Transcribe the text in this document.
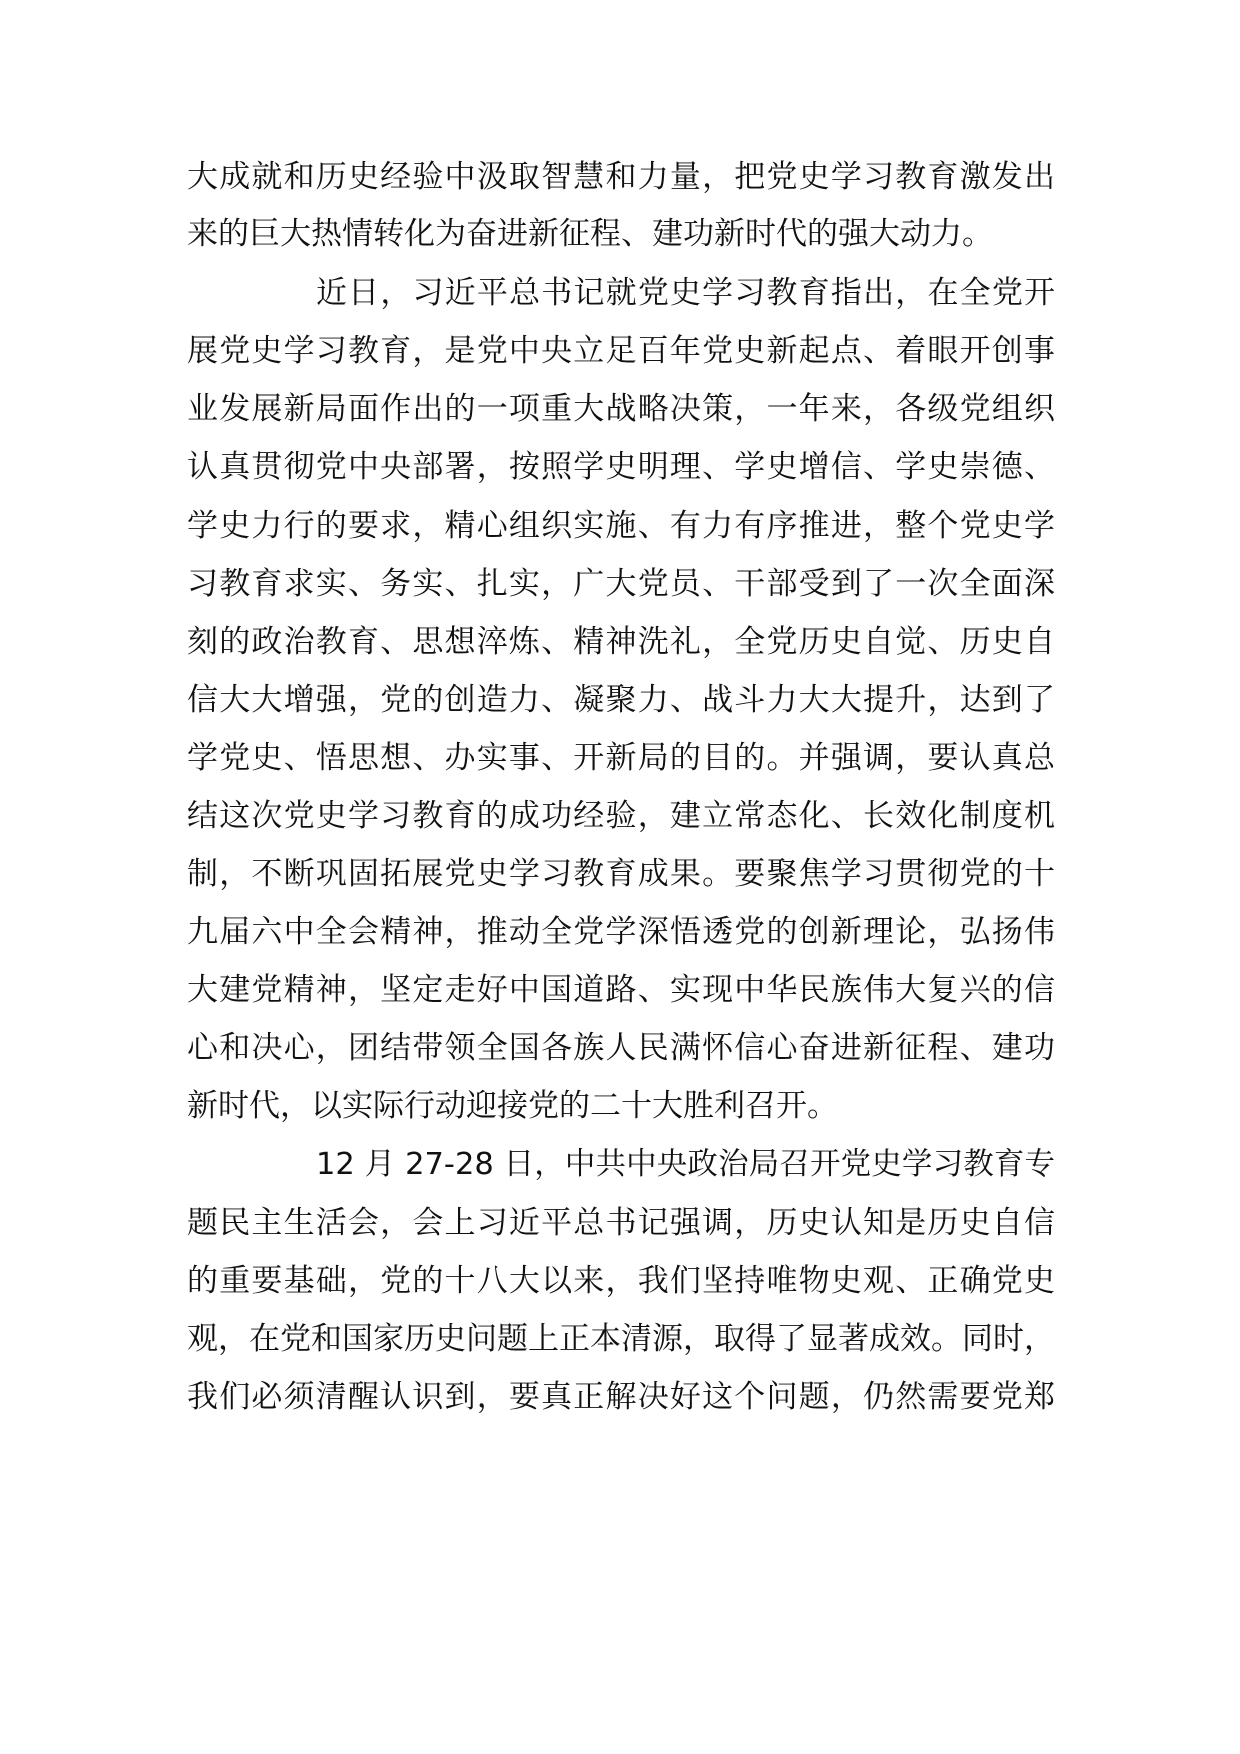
大成就和历史经验中汲取智慧和力量，把党史学习教育激发出
来的巨大热情转化为奋进新征程、建功新时代的强大动力。
近日，习近平总书记就党史学习教育指出，在全党开
展党史学习教育，是党中央立足百年党史新起点、着眼开创事
业发展新局面作出的一项重大战略决策，一年来，各级党组织
认真贯彻党中央部署，按照学史明理、学史增信、学史崇德、
学史力行的要求，精心组织实施、有力有序推进，整个党史学
习教育求实、务实、扎实，广大党员、干部受到了一次全面深
刻的政治教育、思想淬炼、精神洗礼，全党历史自觉、历史自
信大大增强，党的创造力、凝聚力、战斗力大大提升，达到了
学党史、悟思想、办实事、开新局的目的。并强调，要认真总
结这次党史学习教育的成功经验，建立常态化、长效化制度机
制，不断巩固拓展党史学习教育成果。要聚焦学习贯彻党的十
九届六中全会精神，推动全党学深悟透党的创新理论，弘扬伟
大建党精神，坚定走好中国道路、实现中华民族伟大复兴的信
心和决心，团结带领全国各族人民满怀信心奋进新征程、建功
新时代，以实际行动迎接党的二十大胜利召开。
12 月 27-28 日，中共中央政治局召开党史学习教育专
题民主生活会，会上习近平总书记强调，历史认知是历史自信
的重要基础，党的十八大以来，我们坚持唯物史观、正确党史
观，在党和国家历史问题上正本清源，取得了显著成效。同时，
我们必须清醒认识到，要真正解决好这个问题，仍然需要党郑
